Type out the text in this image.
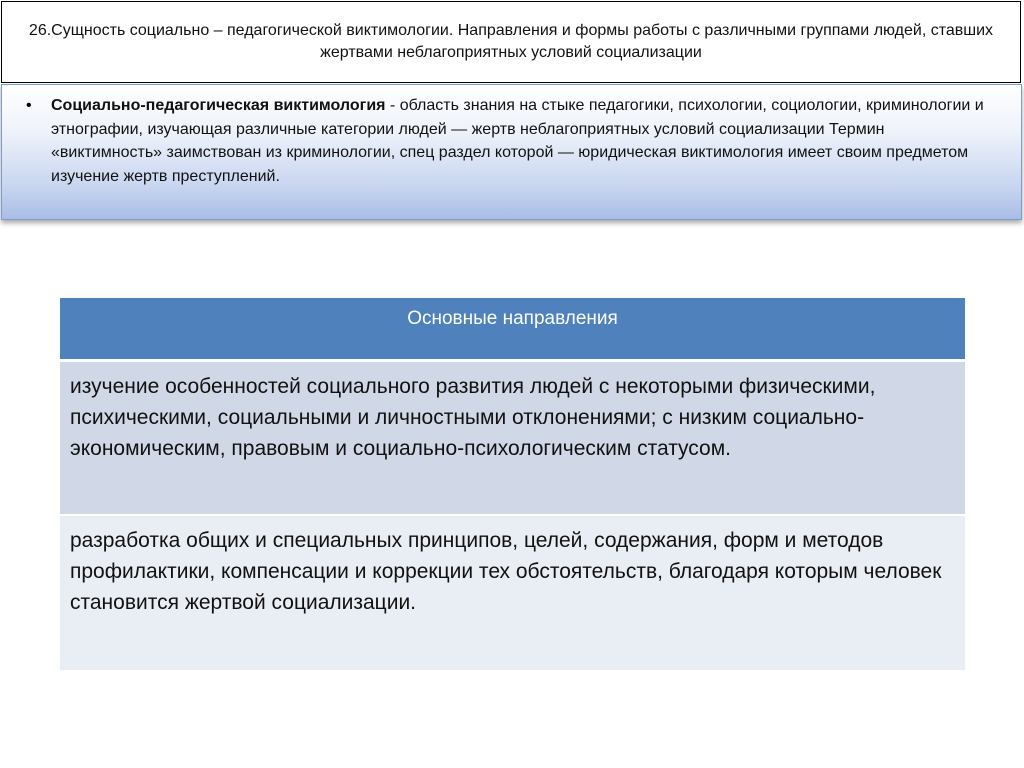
26.Сущность социально – педагогической виктимологии. Направления и формы работы с различными группами людей, ставших жертвами неблагоприятных условий социализации
• Социально-педагогическая виктимология - область знания на стыке педагогики, психологии, социологии, криминологии и этнографии, изучающая различные категории людей — жертв неблагоприятных условий социализации Термин «виктимность» заимствован из криминологии, спец раздел которой — юридическая виктимология имеет своим предметом изучение жертв преступлений.
Основные направления
изучение особенностей социального развития людей с некоторыми физическими, психическими, социальными и личностными отклонениями; с низким социально-экономическим, правовым и социально-психологическим статусом.
разработка общих и специальных принципов, целей, содержания, форм и методов профилактики, компенсации и коррекции тех обстоятельств, благодаря которым человек становится жертвой социализации.
